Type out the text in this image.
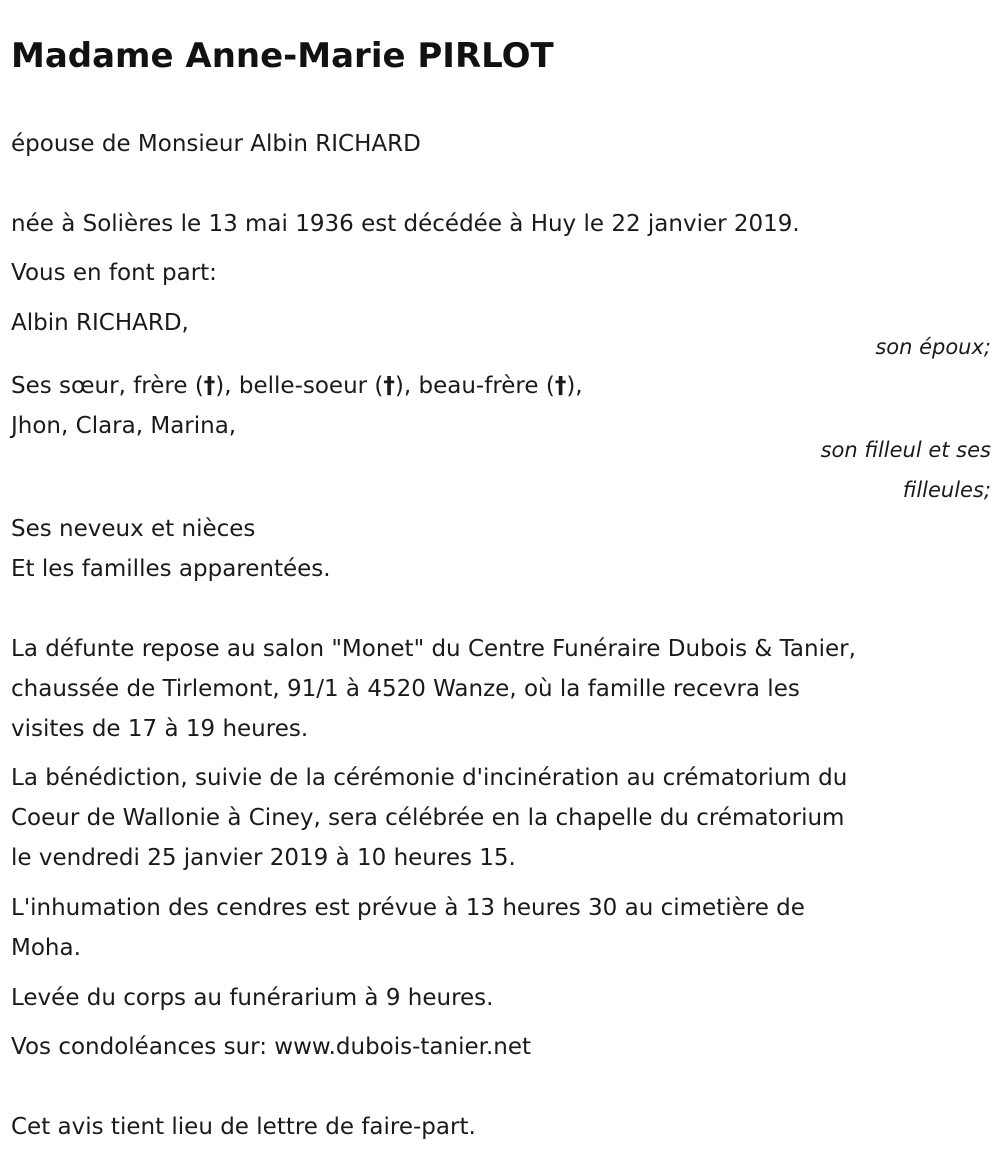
Madame Anne-Marie PIRLOT

épouse de Monsieur Albin RICHARD

née à Solières le 13 mai 1936 est décédée à Huy le 22 janvier 2019.

Vous en font part:

Albin RICHARD,

son époux;

Ses sœur, frère (†), belle-soeur (†), beau-frère (†),

Jhon, Clara, Marina,

son filleul et ses

filleules;

Ses neveux et nièces

Et les familles apparentées.

La défunte repose au salon "Monet" du Centre Funéraire Dubois & Tanier,

chaussée de Tirlemont, 91/1 à 4520 Wanze, où la famille recevra les

visites de 17 à 19 heures.

La bénédiction, suivie de la cérémonie d'incinération au crématorium du

Coeur de Wallonie à Ciney, sera célébrée en la chapelle du crématorium

le vendredi 25 janvier 2019 à 10 heures 15.

L'inhumation des cendres est prévue à 13 heures 30 au cimetière de

Moha.

Levée du corps au funérarium à 9 heures.

Vos condoléances sur: www.dubois-tanier.net

Cet avis tient lieu de lettre de faire-part.
